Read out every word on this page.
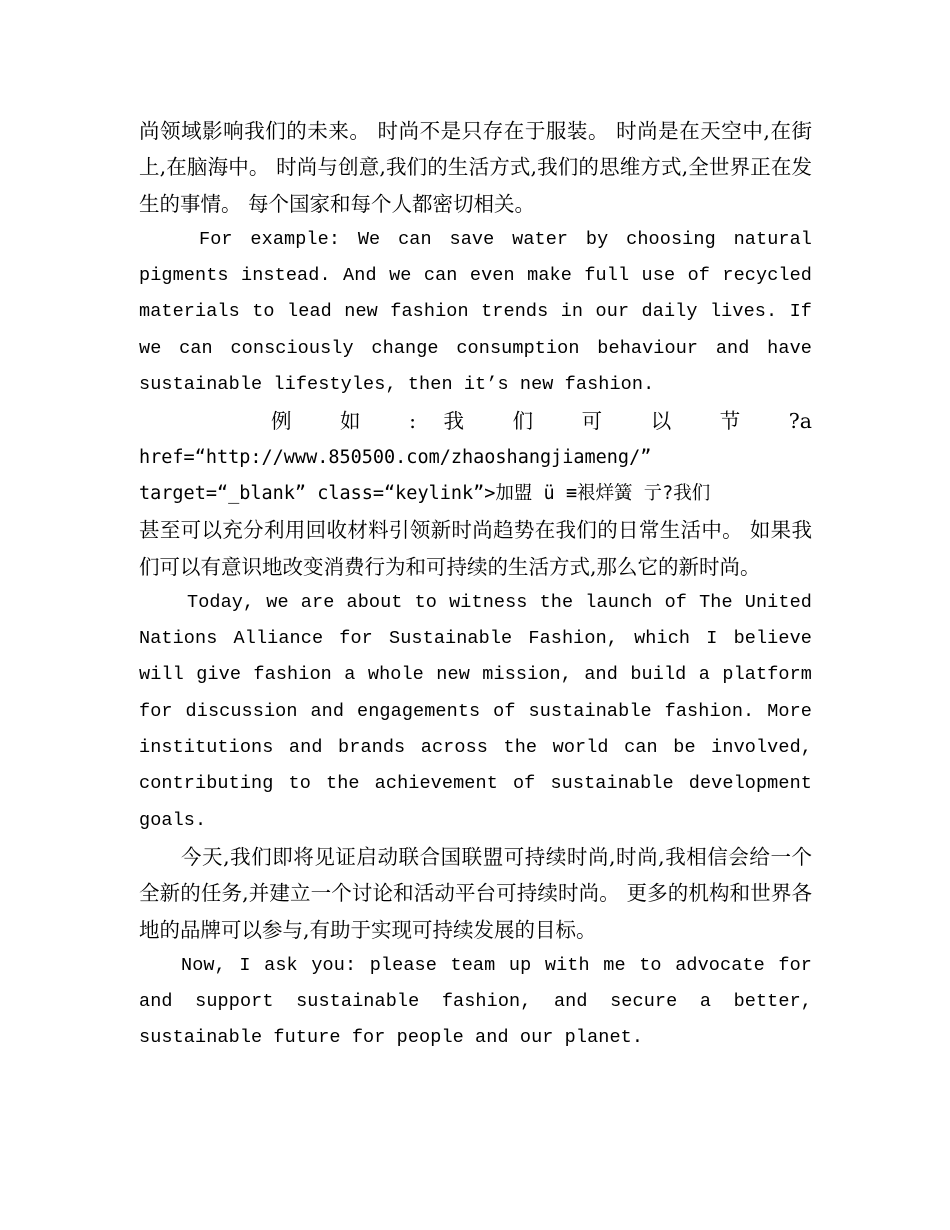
尚领域影响我们的未来。 时尚不是只存在于服装。 时尚是在天空中,在街上,在脑海中。 时尚与创意,我们的生活方式,我们的思维方式,全世界正在发生的事情。 每个国家和每个人都密切相关。

For example: We can save water by choosing natural pigments instead. And we can even make full use of recycled materials to lead new fashion trends in our daily lives. If we can consciously change consumption behaviour and have sustainable lifestyles, then it’s new fashion.

例 如 : 我 们 可 以 节 ?a

href=“http://www.850500.com/zhaoshangjiameng/”

target=“_blank” class=“keylink”>加盟 ü ≡裉烊簧 亍?我们

甚至可以充分利用回收材料引领新时尚趋势在我们的日常生活中。 如果我们可以有意识地改变消费行为和可持续的生活方式,那么它的新时尚。

Today, we are about to witness the launch of The United Nations Alliance for Sustainable Fashion, which I believe will give fashion a whole new mission, and build a platform for discussion and engagements of sustainable fashion. More institutions and brands across the world can be involved, contributing to the achievement of sustainable development goals.

今天,我们即将见证启动联合国联盟可持续时尚,时尚,我相信会给一个全新的任务,并建立一个讨论和活动平台可持续时尚。 更多的机构和世界各地的品牌可以参与,有助于实现可持续发展的目标。

Now, I ask you: please team up with me to advocate for and support sustainable fashion, and secure a better, sustainable future for people and our planet.
